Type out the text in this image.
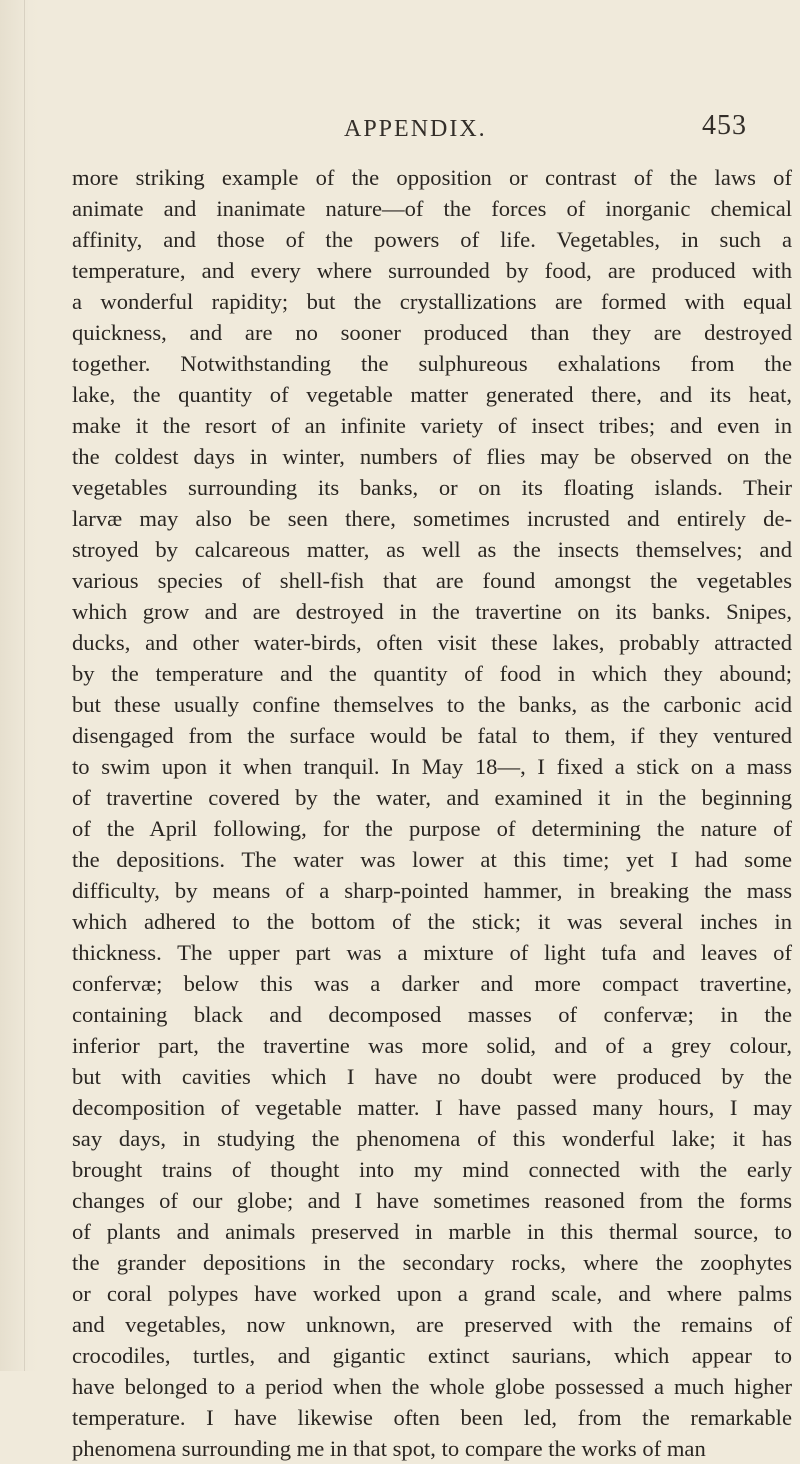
APPENDIX.	453
more striking example of the opposition or contrast of the laws of
animate and inanimate nature—of the forces of inorganic chemical
affinity, and those of the powers of life. Vegetables, in such a
temperature, and every where surrounded by food, are produced with
a wonderful rapidity; but the crystallizations are formed with equal
quickness, and are no sooner produced than they are destroyed
together. Notwithstanding the sulphureous exhalations from the
lake, the quantity of vegetable matter generated there, and its heat,
make it the resort of an infinite variety of insect tribes; and even in
the coldest days in winter, numbers of flies may be observed on the
vegetables surrounding its banks, or on its floating islands. Their
larvæ may also be seen there, sometimes incrusted and entirely de-
stroyed by calcareous matter, as well as the insects themselves; and
various species of shell-fish that are found amongst the vegetables
which grow and are destroyed in the travertine on its banks. Snipes,
ducks, and other water-birds, often visit these lakes, probably attracted
by the temperature and the quantity of food in which they abound;
but these usually confine themselves to the banks, as the carbonic acid
disengaged from the surface would be fatal to them, if they ventured
to swim upon it when tranquil. In May 18—, I fixed a stick on a mass
of travertine covered by the water, and examined it in the beginning
of the April following, for the purpose of determining the nature of
the depositions. The water was lower at this time; yet I had some
difficulty, by means of a sharp-pointed hammer, in breaking the mass
which adhered to the bottom of the stick; it was several inches in
thickness. The upper part was a mixture of light tufa and leaves of
confervæ; below this was a darker and more compact travertine,
containing black and decomposed masses of confervæ; in the
inferior part, the travertine was more solid, and of a grey colour,
but with cavities which I have no doubt were produced by the
decomposition of vegetable matter. I have passed many hours, I may
say days, in studying the phenomena of this wonderful lake; it has
brought trains of thought into my mind connected with the early
changes of our globe; and I have sometimes reasoned from the forms
of plants and animals preserved in marble in this thermal source, to
the grander depositions in the secondary rocks, where the zoophytes
or coral polypes have worked upon a grand scale, and where palms
and vegetables, now unknown, are preserved with the remains of
crocodiles, turtles, and gigantic extinct saurians, which appear to
have belonged to a period when the whole globe possessed a much higher
temperature. I have likewise often been led, from the remarkable
phenomena surrounding me in that spot, to compare the works of man
